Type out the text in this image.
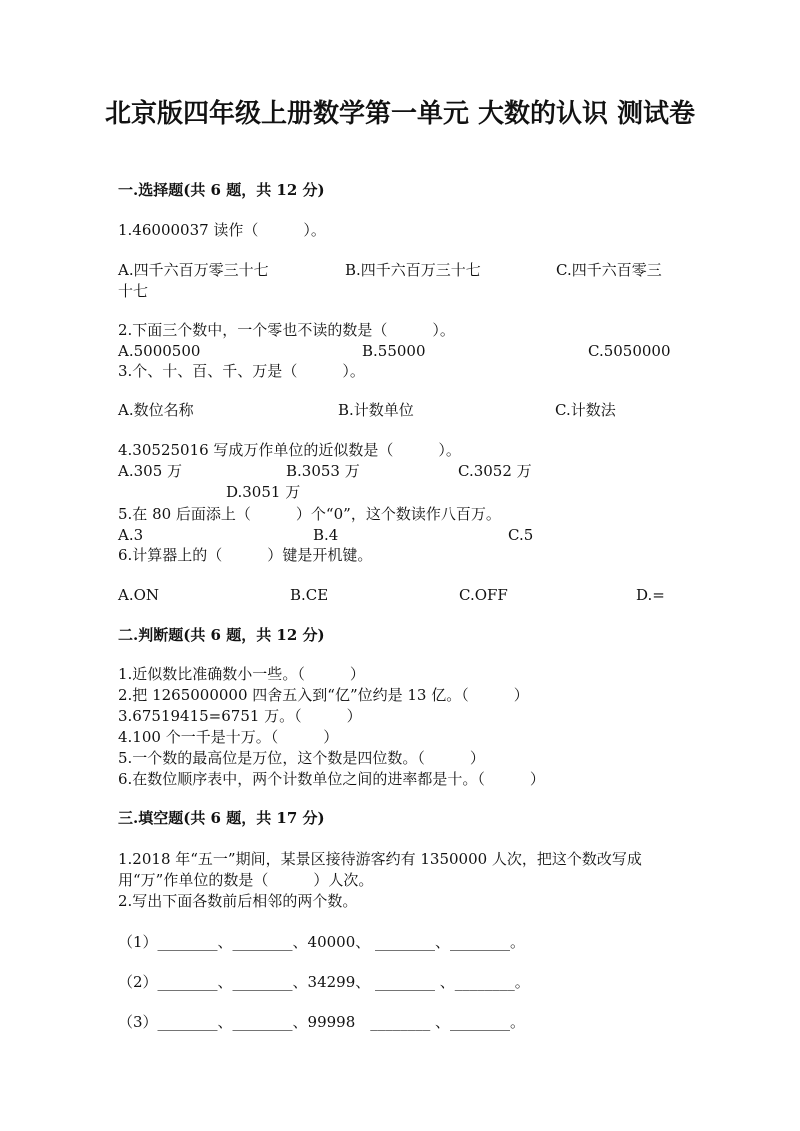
北京版四年级上册数学第一单元 大数的认识 测试卷
一.选择题(共 6 题，共 12 分)
1.46000037 读作（　　　）。
A.四千六百万零三十七	B.四千六百万三十七	C.四千六百零三
十七
2.下面三个数中，一个零也不读的数是（　　　）。
A.5000500	B.55000	C.5050000
3.个、十、百、千、万是（　　　）。
A.数位名称	B.计数单位	C.计数法
4.30525016 写成万作单位的近似数是（　　　）。
A.305 万	B.3053 万	C.3052 万
D.3051 万
5.在 80 后面添上（　　　）个“0”，这个数读作八百万。
A.3	B.4	C.5
6.计算器上的（　　　）键是开机键。
A.ON	B.CE	C.OFF	D.=
二.判断题(共 6 题，共 12 分)
1.近似数比准确数小一些。（　　　）
2.把 1265000000 四舍五入到“亿”位约是 13 亿。（　　　）
3.67519415=6751 万。（　　　）
4.100 个一千是十万。（　　　）
5.一个数的最高位是万位，这个数是四位数。（　　　）
6.在数位顺序表中，两个计数单位之间的进率都是十。（　　　）
三.填空题(共 6 题，共 17 分)
1.2018 年“五一”期间，某景区接待游客约有 1350000 人次，把这个数改写成
用“万”作单位的数是（　　　）人次。
2.写出下面各数前后相邻的两个数。
（1）________、________、40000、 ________、________。
（2）________、________、34299、 ________ 、________。
（3）________、________、99998　________ 、________。
